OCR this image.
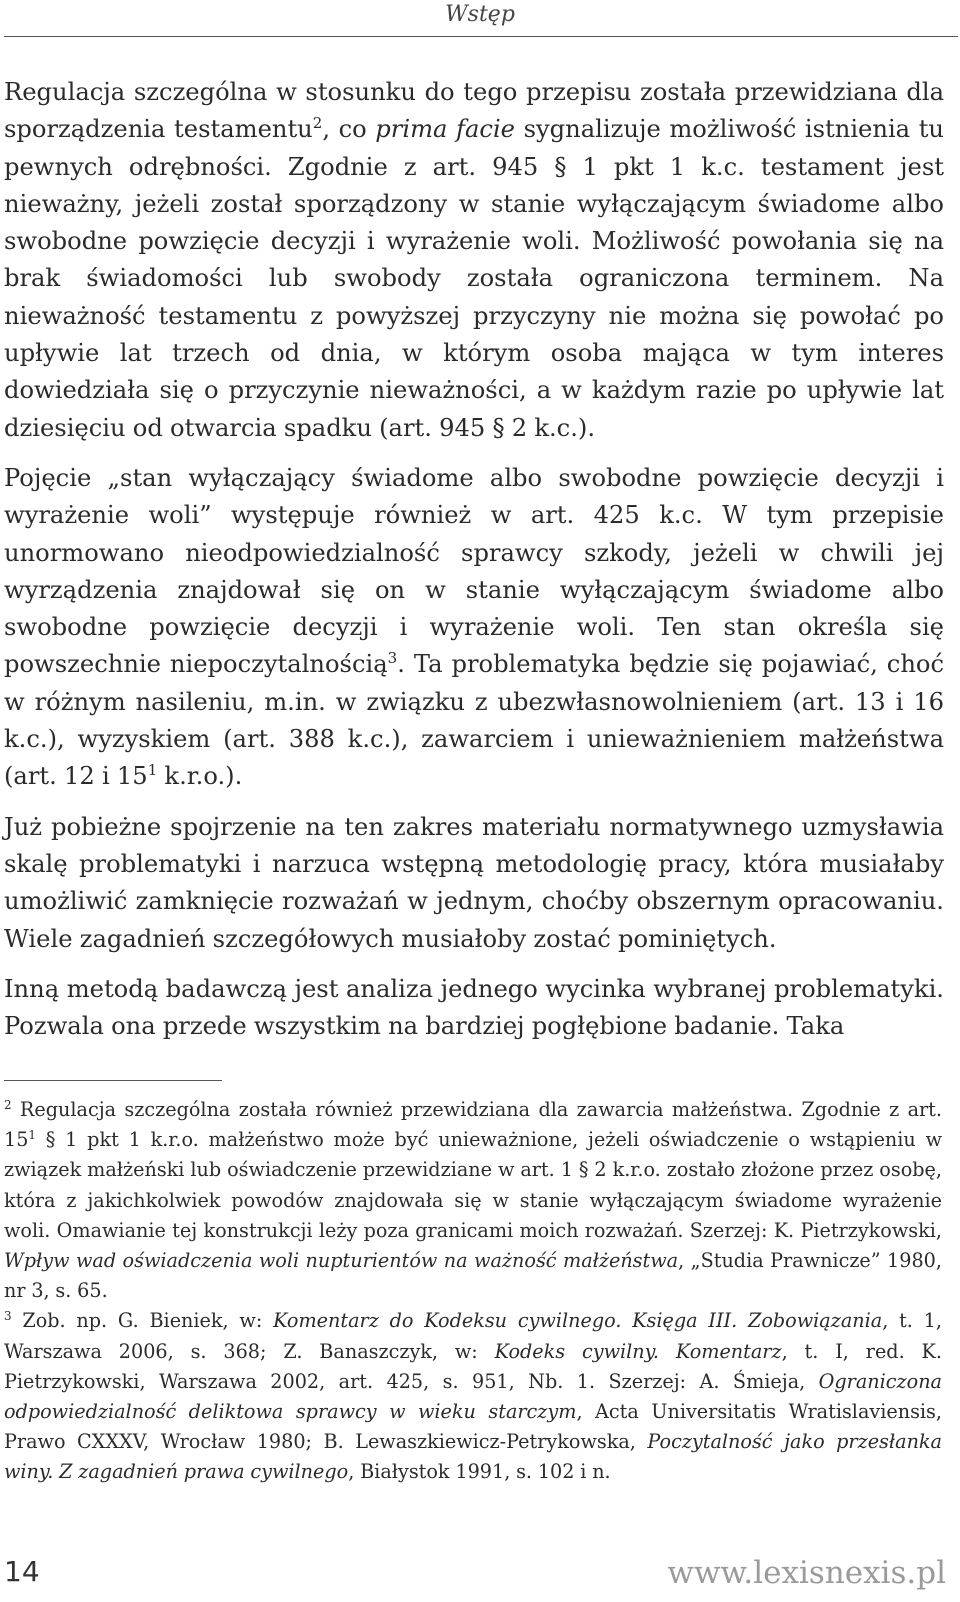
Wstęp

Regulacja szczególna w stosunku do tego przepisu została przewidziana dla sporządzenia testamentu$^2$, co prima facie sygnalizuje możliwość istnienia tu pewnych odrębności. Zgodnie z art. 945 § 1 pkt 1 k.c. testament jest nieważny, jeżeli został sporządzony w stanie wyłączającym świadome albo swobodne powzięcie decyzji i wyrażenie woli. Możliwość powołania się na brak świadomości lub swobody została ograniczona terminem. Na nieważność testamentu z powyższej przyczyny nie można się powołać po upływie lat trzech od dnia, w którym osoba mająca w tym interes dowiedziała się o przyczynie nieważności, a w każdym razie po upływie lat dziesięciu od otwarcia spadku (art. 945 § 2 k.c.).

Pojęcie „stan wyłączający świadome albo swobodne powzięcie decyzji i wyrażenie woli” występuje również w art. 425 k.c. W tym przepisie unormowano nieodpowiedzialność sprawcy szkody, jeżeli w chwili jej wyrządzenia znajdował się on w stanie wyłączającym świadome albo swobodne powzięcie decyzji i wyrażenie woli. Ten stan określa się powszechnie niepoczytalnością$^3$. Ta problematyka będzie się pojawiać, choć w różnym nasileniu, m.in. w związku z ubezwłasnowolnieniem (art. 13 i 16 k.c.), wyzyskiem (art. 388 k.c.), zawarciem i unieważnieniem małżeństwa (art. 12 i $15^1$ k.r.o.).

Już pobieżne spojrzenie na ten zakres materiału normatywnego uzmysławia skalę problematyki i narzuca wstępną metodologię pracy, która musiałaby umożliwić zamknięcie rozważań w jednym, choćby obszernym opracowaniu. Wiele zagadnień szczegółowych musiałoby zostać pominiętych.

Inną metodą badawczą jest analiza jednego wycinka wybranej problematyki. Pozwala ona przede wszystkim na bardziej pogłębione badanie. Taka

$^2$ Regulacja szczególna została również przewidziana dla zawarcia małżeństwa. Zgodnie z art. $15^1$ § 1 pkt 1 k.r.o. małżeństwo może być unieważnione, jeżeli oświadczenie o wstąpieniu w związek małżeński lub oświadczenie przewidziane w art. 1 § 2 k.r.o. zostało złożone przez osobę, która z jakichkolwiek powodów znajdowała się w stanie wyłączającym świadome wyrażenie woli. Omawianie tej konstrukcji leży poza granicami moich rozważań. Szerzej: K. Pietrzykowski, Wpływ wad oświadczenia woli nupturientów na ważność małżeństwa, „Studia Prawnicze” 1980, nr 3, s. 65.

$^3$ Zob. np. G. Bieniek, w: Komentarz do Kodeksu cywilnego. Księga III. Zobowiązania, t. 1, Warszawa 2006, s. 368; Z. Banaszczyk, w: Kodeks cywilny. Komentarz, t. I, red. K. Pietrzykowski, Warszawa 2002, art. 425, s. 951, Nb. 1. Szerzej: A. Śmieja, Ograniczona odpowiedzialność deliktowa sprawcy w wieku starczym, Acta Universitatis Wratislaviensis, Prawo CXXXV, Wrocław 1980; B. Lewaszkiewicz-Petrykowska, Poczytalność jako przesłanka winy. Z zagadnień prawa cywilnego, Białystok 1991, s. 102 i n.

14	www.lexisnexis.pl
